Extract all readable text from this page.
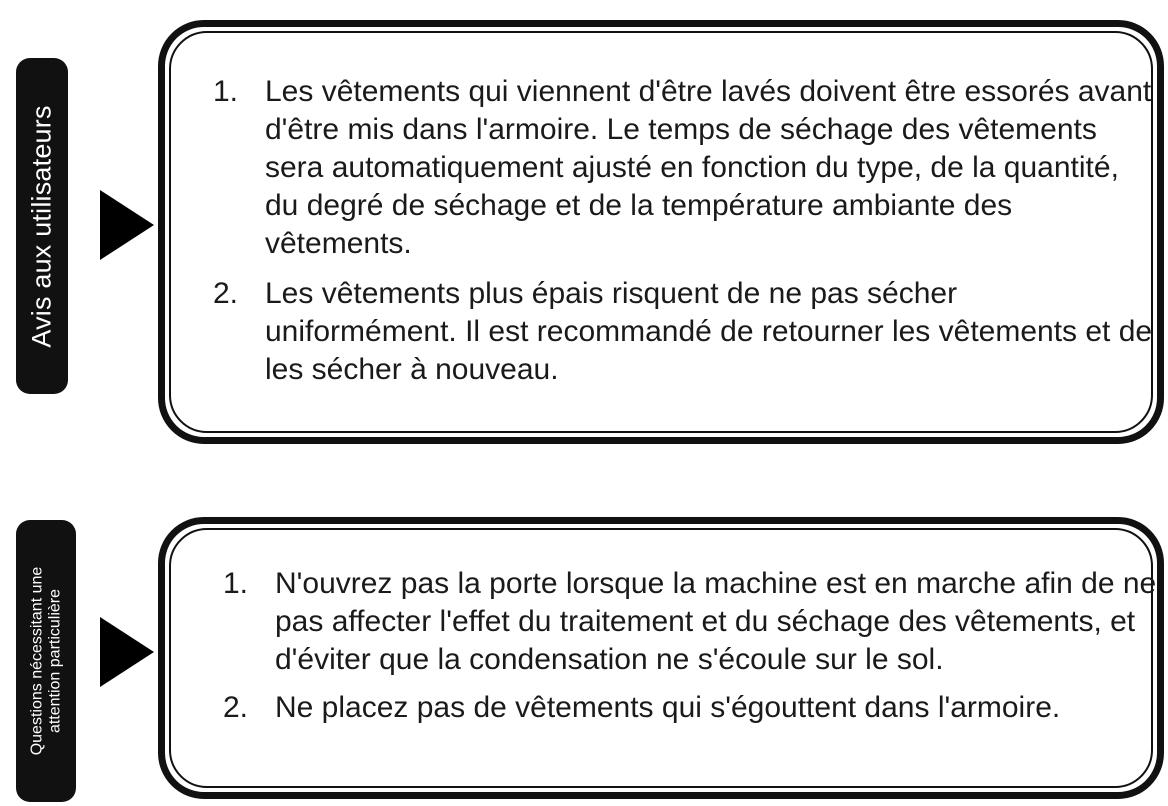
Avis aux utilisateurs
1. Les vêtements qui viennent d'être lavés doivent être essorés avant d'être mis dans l'armoire. Le temps de séchage des vêtements sera automatiquement ajusté en fonction du type, de la quantité, du degré de séchage et de la température ambiante des vêtements.
2. Les vêtements plus épais risquent de ne pas sécher uniformément. Il est recommandé de retourner les vêtements et de les sécher à nouveau.
Questions nécessitant une attention particulière
1. N'ouvrez pas la porte lorsque la machine est en marche afin de ne pas affecter l'effet du traitement et du séchage des vêtements, et d'éviter que la condensation ne s'écoule sur le sol.
2. Ne placez pas de vêtements qui s'égouttent dans l'armoire.
